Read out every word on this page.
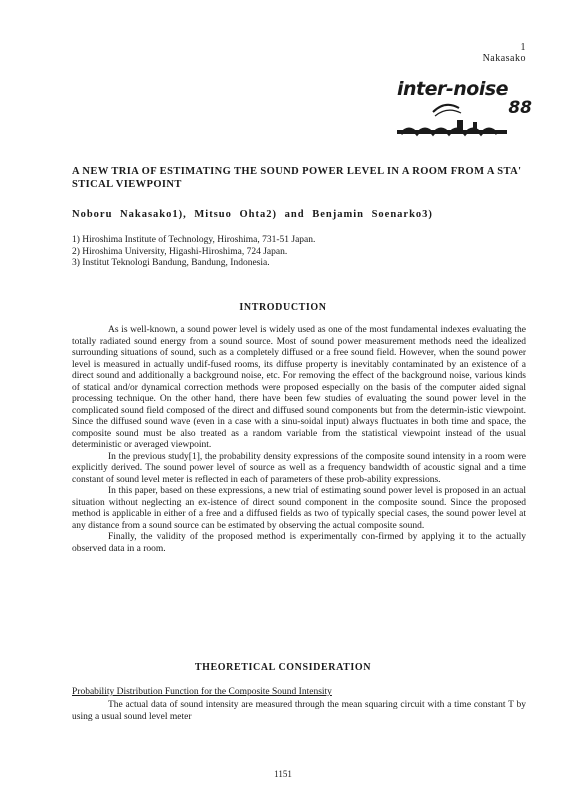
1
Nakasako
inter-noise
88
A NEW TRIA OF ESTIMATING THE SOUND POWER LEVEL IN A ROOM FROM A STA' STICAL VIEWPOINT
Noboru Nakasako1), Mitsuo Ohta2) and Benjamin Soenarko3)
1) Hiroshima Institute of Technology, Hiroshima, 731-51 Japan.
2) Hiroshima University, Higashi-Hiroshima, 724 Japan.
3) Institut Teknologi Bandung, Bandung, Indonesia.
INTRODUCTION

As is well-known, a sound power level is widely used as one of the most fundamental indexes evaluating the totally radiated sound energy from a sound source. Most of sound power measurement methods need the idealized surrounding situations of sound, such as a completely diffused or a free sound field. However, when the sound power level is measured in actually undif-fused rooms, its diffuse property is inevitably contaminated by an existence of a direct sound and additionally a background noise, etc. For removing the effect of the background noise, various kinds of statical and/or dynamical correction methods were proposed especially on the basis of the computer aided signal processing technique. On the other hand, there have been few studies of evaluating the sound power level in the complicated sound field composed of the direct and diffused sound components but from the determin-istic viewpoint. Since the diffused sound wave (even in a case with a sinu-soidal input) always fluctuates in both time and space, the composite sound must be also treated as a random variable from the statistical viewpoint instead of the usual deterministic or averaged viewpoint.

In the previous study[1], the probability density expressions of the composite sound intensity in a room were explicitly derived. The sound power level of source as well as a frequency bandwidth of acoustic signal and a time constant of sound level meter is reflected in each of parameters of these prob-ability expressions.

In this paper, based on these expressions, a new trial of estimating sound power level is proposed in an actual situation without neglecting an ex-istence of direct sound component in the composite sound. Since the proposed method is applicable in either of a free and a diffused fields as two of typically special cases, the sound power level at any distance from a sound source can be estimated by observing the actual composite sound.

Finally, the validity of the proposed method is experimentally con-firmed by applying it to the actually observed data in a room.

THEORETICAL CONSIDERATION
Probability Distribution Function for the Composite Sound Intensity

The actual data of sound intensity are measured through the mean squaring circuit with a time constant T by using a usual sound level meter

1151
